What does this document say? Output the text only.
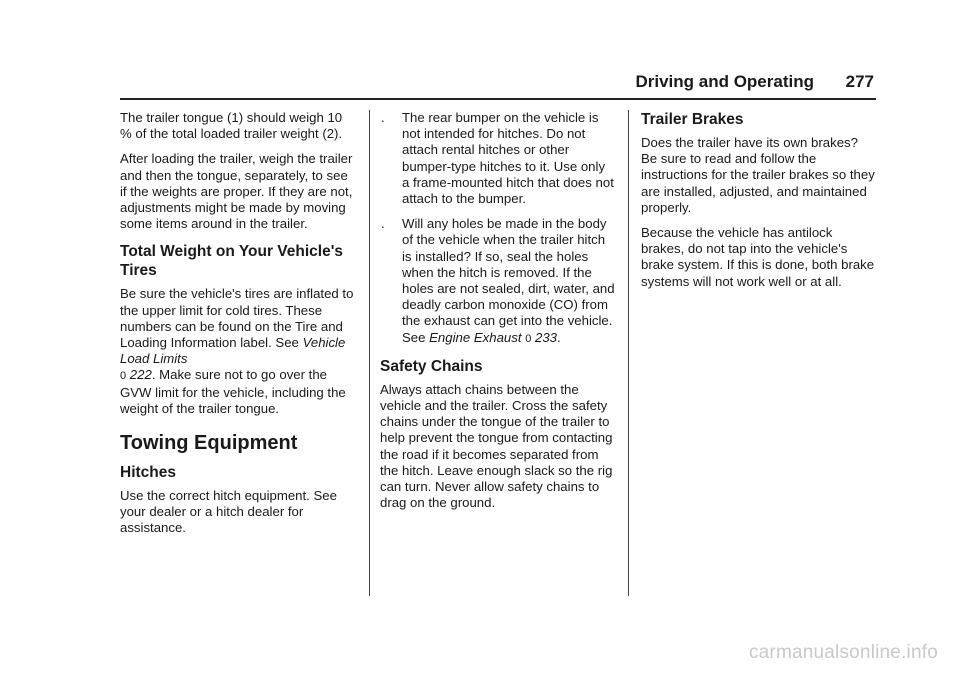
Driving and Operating 277

The trailer tongue (1) should weigh 10 % of the total loaded trailer weight (2).

After loading the trailer, weigh the trailer and then the tongue, separately, to see if the weights are proper. If they are not, adjustments might be made by moving some items around in the trailer.

Total Weight on Your Vehicle's Tires

Be sure the vehicle's tires are inflated to the upper limit for cold tires. These numbers can be found on the Tire and Loading Information label. See Vehicle Load Limits
0 222. Make sure not to go over the GVW limit for the vehicle, including the weight of the trailer tongue.

Towing Equipment
Hitches

Use the correct hitch equipment. See your dealer or a hitch dealer for assistance.

. The rear bumper on the vehicle is not intended for hitches. Do not attach rental hitches or other bumper-type hitches to it. Use only a frame-mounted hitch that does not attach to the bumper.
. Will any holes be made in the body of the vehicle when the trailer hitch is installed? If so, seal the holes when the hitch is removed. If the holes are not sealed, dirt, water, and deadly carbon monoxide (CO) from the exhaust can get into the vehicle. See Engine Exhaust 0 233.
Safety Chains

Always attach chains between the vehicle and the trailer. Cross the safety chains under the tongue of the trailer to help prevent the tongue from contacting the road if it becomes separated from the hitch. Leave enough slack so the rig can turn. Never allow safety chains to drag on the ground.

Trailer Brakes

Does the trailer have its own brakes? Be sure to read and follow the instructions for the trailer brakes so they are installed, adjusted, and maintained properly.

Because the vehicle has antilock brakes, do not tap into the vehicle's brake system. If this is done, both brake systems will not work well or at all.

carmanualsonline.info
